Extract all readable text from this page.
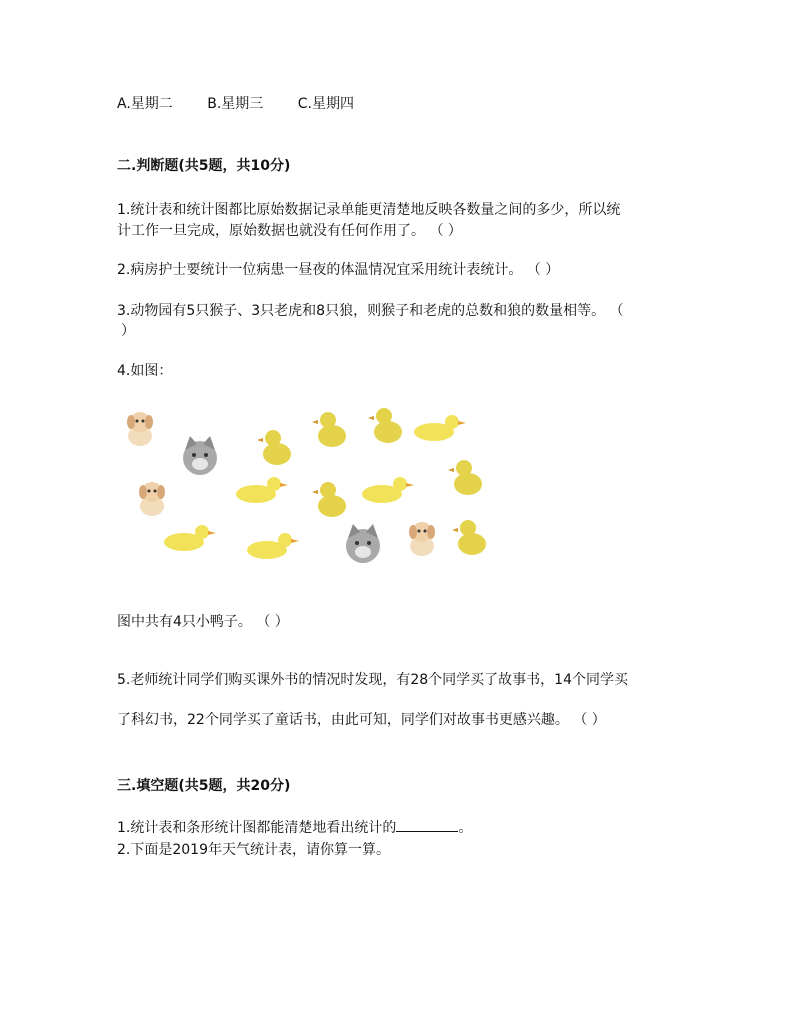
A.星期二 B.星期三 C.星期四
二.判断题(共5题，共10分)
1.统计表和统计图都比原始数据记录单能更清楚地反映各数量之间的多少，所以统
计工作一旦完成，原始数据也就没有任何作用了。 （ ）
2.病房护士要统计一位病患一昼夜的体温情况宜采用统计表统计。 （ ）
3.动物园有5只猴子、3只老虎和8只狼，则猴子和老虎的总数和狼的数量相等。 （
）
4.如图：
图中共有4只小鸭子。 （ ）
5.老师统计同学们购买课外书的情况时发现，有28个同学买了故事书，14个同学买
了科幻书，22个同学买了童话书，由此可知，同学们对故事书更感兴趣。 （ ）
三.填空题(共5题，共20分)
1.统计表和条形统计图都能清楚地看出统计的	。
2.下面是2019年天气统计表，请你算一算。
